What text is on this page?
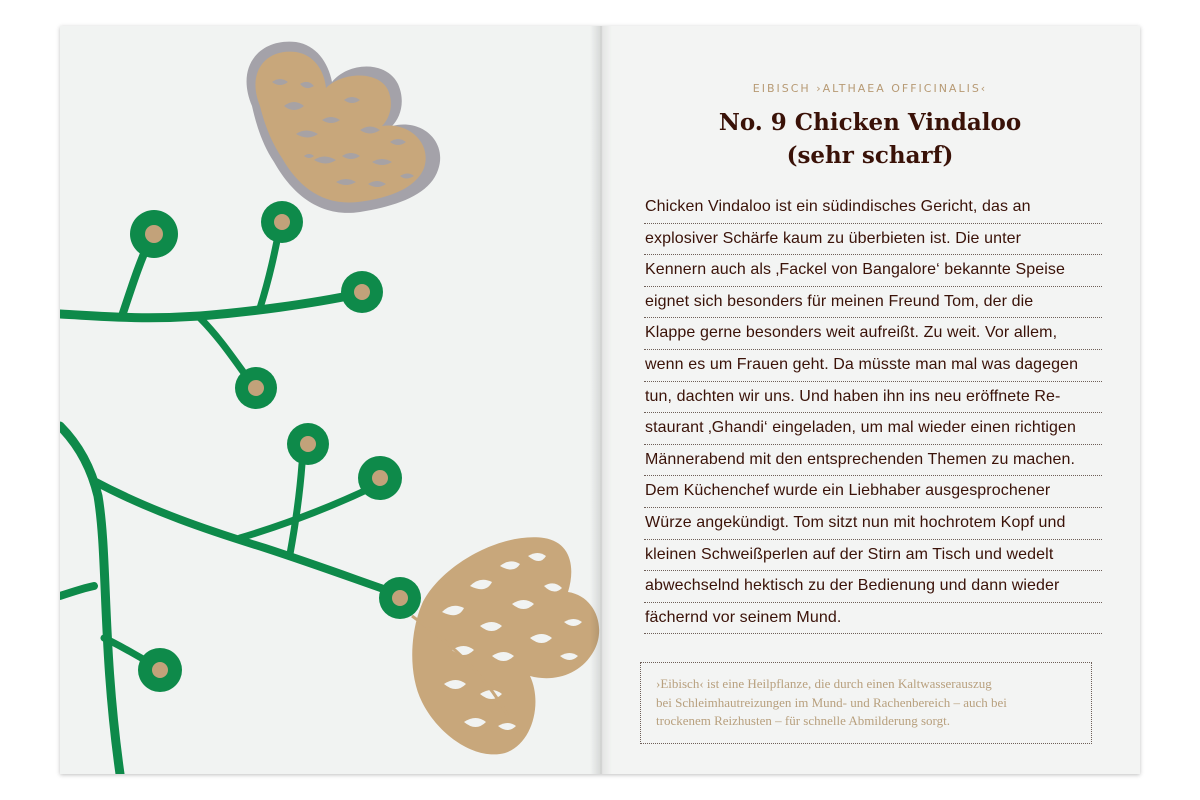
EIBISCH ›ALTHAEA OFFICINALIS‹
No. 9 Chicken Vindaloo
(sehr scharf)
Chicken Vindaloo ist ein südindisches Gericht, das an
explosiver Schärfe kaum zu überbieten ist. Die unter
Kennern auch als ‚Fackel von Bangalore‘ bekannte Speise
eignet sich besonders für meinen Freund Tom, der die
Klappe gerne besonders weit aufreißt. Zu weit. Vor allem,
wenn es um Frauen geht. Da müsste man mal was dagegen
tun, dachten wir uns. Und haben ihn ins neu eröffnete Re-
staurant ‚Ghandi‘ eingeladen, um mal wieder einen richtigen
Männerabend mit den entsprechenden Themen zu machen.
Dem Küchenchef wurde ein Liebhaber ausgesprochener
Würze angekündigt. Tom sitzt nun mit hochrotem Kopf und
kleinen Schweißperlen auf der Stirn am Tisch und wedelt
abwechselnd hektisch zu der Bedienung und dann wieder
fächernd vor seinem Mund.
›Eibisch‹ ist eine Heilpflanze, die durch einen Kaltwasserauszug
bei Schleimhautreizungen im Mund- und Rachenbereich – auch bei
trockenem Reizhusten – für schnelle Abmilderung sorgt.
